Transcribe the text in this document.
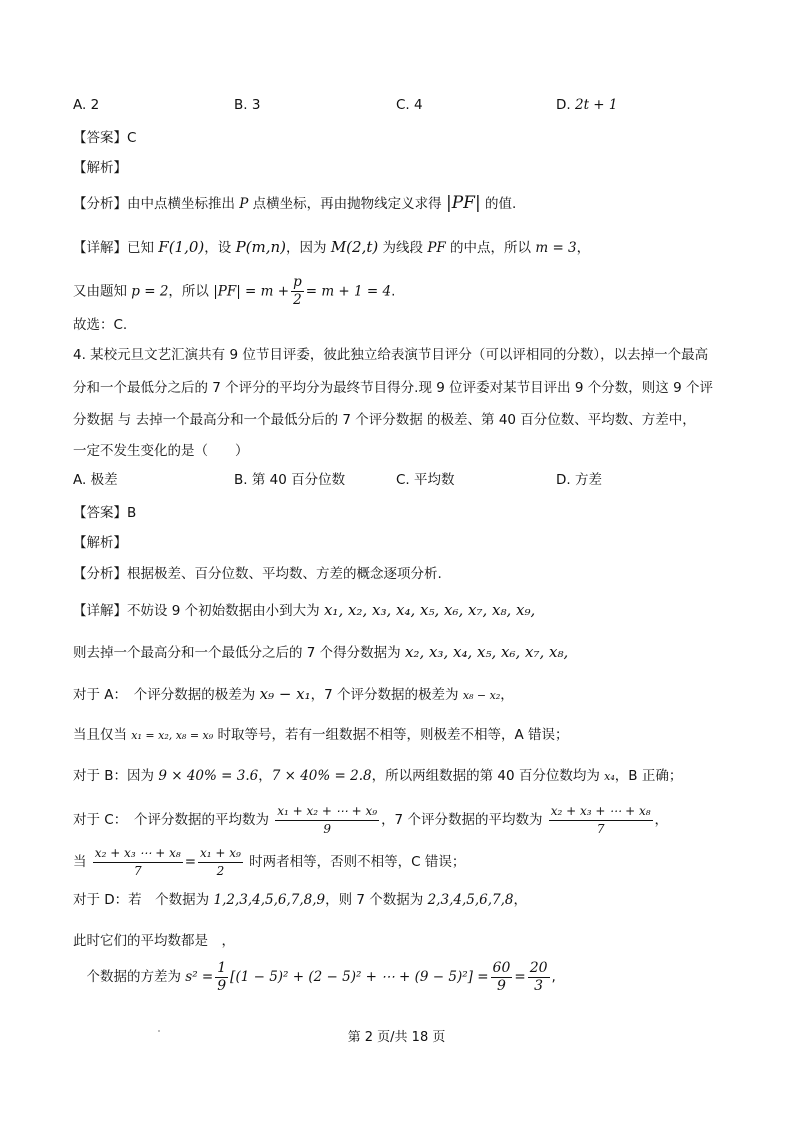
A. 2	B. 3	C. 4	D. 2t + 1
【答案】C
【解析】
【分析】由中点横坐标推出 P 点横坐标，再由抛物线定义求得 |PF| 的值.
【详解】已知 F(1,0)，设 P(m,n)，因为 M(2,t) 为线段 PF 的中点，所以 m = 3，
又由题知 p = 2，所以 $|PF| = m + \frac{p}{2} = m + 1 = 4$.
故选：C.
4. 某校元旦文艺汇演共有 9 位节目评委，彼此独立给表演节目评分（可以评相同的分数），以去掉一个最高
分和一个最低分之后的 7 个评分的平均分为最终节目得分.现 9 位评委对某节目评出 9 个分数，则这 9 个评
分数据 与 去掉一个最高分和一个最低分后的 7 个评分数据 的极差、第 40 百分位数、平均数、方差中，
一定不发生变化的是（　　）
A. 极差	B. 第 40 百分位数	C. 平均数	D. 方差
【答案】B
【解析】
【分析】根据极差、百分位数、平均数、方差的概念逐项分析.
【详解】不妨设 9 个初始数据由小到大为 x₁, x₂, x₃, x₄, x₅, x₆, x₇, x₈, x₉,
则去掉一个最高分和一个最低分之后的 7 个得分数据为 x₂, x₃, x₄, x₅, x₆, x₇, x₈,
对于 A：　个评分数据的极差为 x₉ − x₁，7 个评分数据的极差为 x₈ − x₂，
当且仅当 x₁ = x₂, x₈ = x₉ 时取等号，若有一组数据不相等，则极差不相等，A 错误；
对于 B：因为 9 × 40% = 3.6，7 × 40% = 2.8，所以两组数据的第 40 百分位数均为 x₄，B 正确；
对于 C：　个评分数据的平均数为 $\frac{\text{x₁ + x₂ + ⋯ + x₉}}{9}$ ，7 个评分数据的平均数为 $\frac{\text{x₂ + x₃ + ⋯ + x₈}}{7}$ ，
当 $\frac{\text{x₂ + x₃ ⋯ + x₈}}{7} = \frac{\text{x₁ + x₉}}{2}$ 时两者相等，否则不相等，C 错误；
对于 D：若　个数据为 1,2,3,4,5,6,7,8,9，则 7 个数据为 2,3,4,5,6,7,8，
此时它们的平均数都是　，
　个数据的方差为 $s^2 = \frac{1}{9} [(1 - 5)^2 + (2 - 5)^2$ + ⋯ + $(9 - 5)^2] = \frac{60}{9} = \frac{20}{3}$ ,
第 2 页/共 18 页
